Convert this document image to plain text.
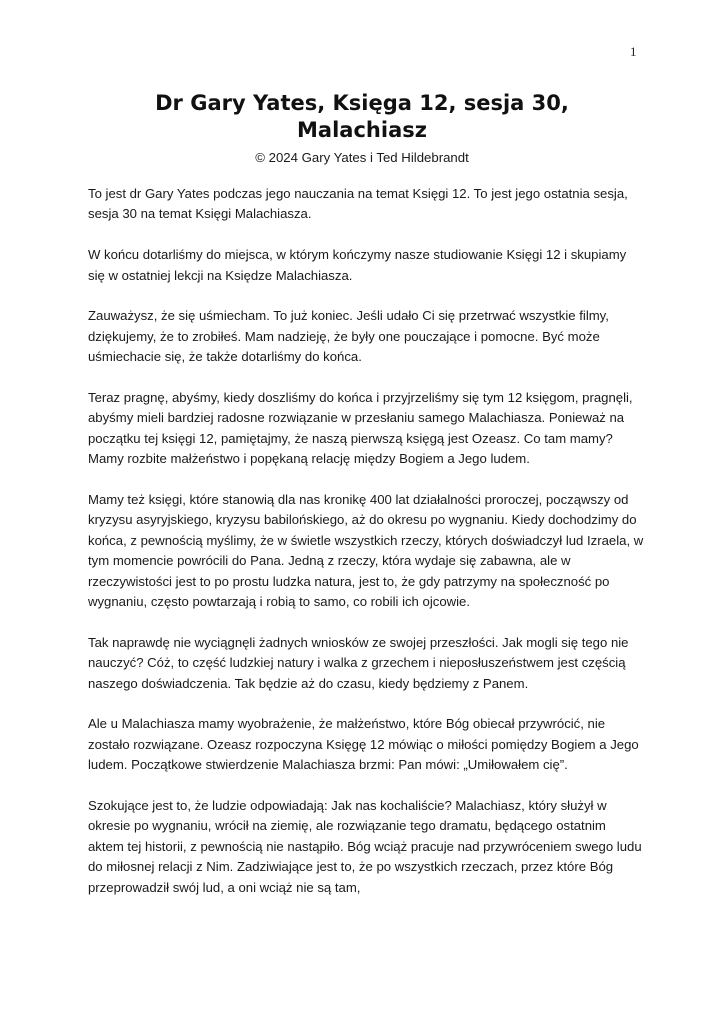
1
Dr Gary Yates, Księga 12, sesja 30,
Malachiasz

© 2024 Gary Yates i Ted Hildebrandt

To jest dr Gary Yates podczas jego nauczania na temat Księgi 12. To jest jego ostatnia sesja, sesja 30 na temat Księgi Malachiasza.

W końcu dotarliśmy do miejsca, w którym kończymy nasze studiowanie Księgi 12 i skupiamy się w ostatniej lekcji na Księdze Malachiasza.

Zauważysz, że się uśmiecham. To już koniec. Jeśli udało Ci się przetrwać wszystkie filmy, dziękujemy, że to zrobiłeś. Mam nadzieję, że były one pouczające i pomocne. Być może uśmiechacie się, że także dotarliśmy do końca.

Teraz pragnę, abyśmy, kiedy doszliśmy do końca i przyjrzeliśmy się tym 12 księgom, pragnęli, abyśmy mieli bardziej radosne rozwiązanie w przesłaniu samego Malachiasza. Ponieważ na początku tej księgi 12, pamiętajmy, że naszą pierwszą księgą jest Ozeasz. Co tam mamy? Mamy rozbite małżeństwo i popękaną relację między Bogiem a Jego ludem.

Mamy też księgi, które stanowią dla nas kronikę 400 lat działalności proroczej, począwszy od kryzysu asyryjskiego, kryzysu babilońskiego, aż do okresu po wygnaniu. Kiedy dochodzimy do końca, z pewnością myślimy, że w świetle wszystkich rzeczy, których doświadczył lud Izraela, w tym momencie powrócili do Pana. Jedną z rzeczy, która wydaje się zabawna, ale w rzeczywistości jest to po prostu ludzka natura, jest to, że gdy patrzymy na społeczność po wygnaniu, często powtarzają i robią to samo, co robili ich ojcowie.

Tak naprawdę nie wyciągnęli żadnych wniosków ze swojej przeszłości. Jak mogli się tego nie nauczyć? Cóż, to część ludzkiej natury i walka z grzechem i nieposłuszeństwem jest częścią naszego doświadczenia. Tak będzie aż do czasu, kiedy będziemy z Panem.

Ale u Malachiasza mamy wyobrażenie, że małżeństwo, które Bóg obiecał przywrócić, nie zostało rozwiązane. Ozeasz rozpoczyna Księgę 12 mówiąc o miłości pomiędzy Bogiem a Jego ludem. Początkowe stwierdzenie Malachiasza brzmi: Pan mówi: „Umiłowałem cię”.

Szokujące jest to, że ludzie odpowiadają: Jak nas kochaliście? Malachiasz, który służył w okresie po wygnaniu, wrócił na ziemię, ale rozwiązanie tego dramatu, będącego ostatnim aktem tej historii, z pewnością nie nastąpiło. Bóg wciąż pracuje nad przywróceniem swego ludu do miłosnej relacji z Nim. Zadziwiające jest to, że po wszystkich rzeczach, przez które Bóg przeprowadził swój lud, a oni wciąż nie są tam,
